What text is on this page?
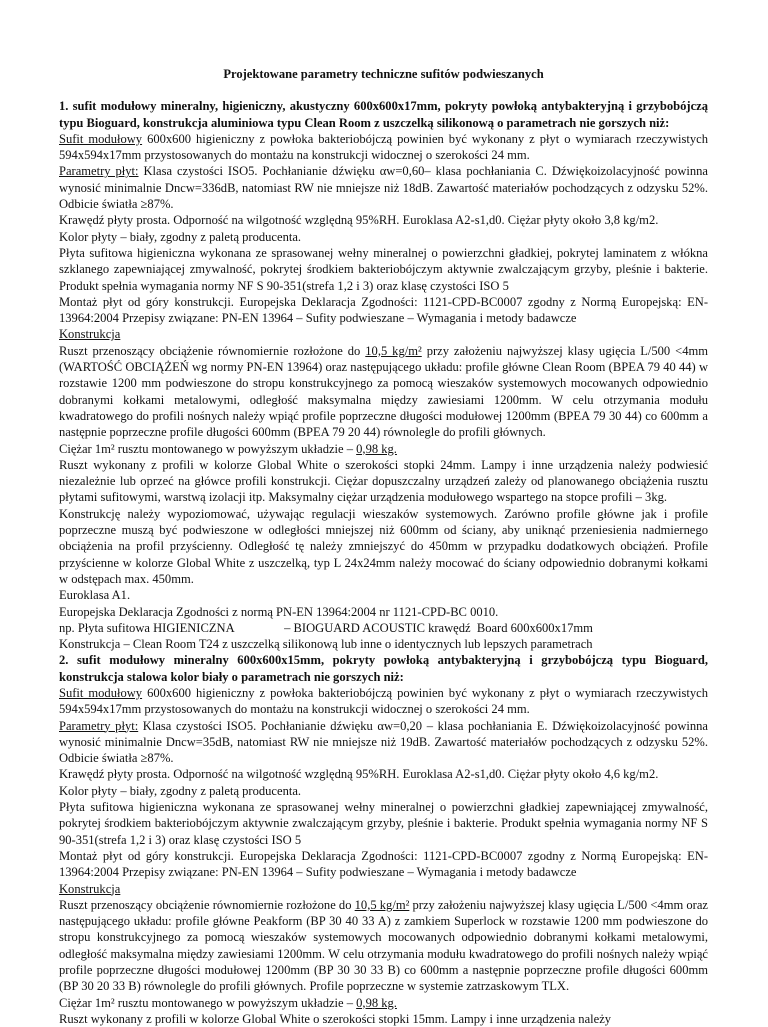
Projektowane parametry techniczne sufitów podwieszanych

1. sufit modułowy mineralny, higieniczny, akustyczny 600x600x17mm, pokryty powłoką antybakteryjną i grzybobójczą typu Bioguard, konstrukcja aluminiowa typu Clean Room z uszczelką silikonową o parametrach nie gorszych niż:

Sufit modułowy 600x600 higieniczny z powłoka bakteriobójczą powinien być wykonany z płyt o wymiarach rzeczywistych 594x594x17mm przystosowanych do montażu na konstrukcji widocznej o szerokości 24 mm.

Parametry płyt: Klasa czystości ISO5. Pochłanianie dźwięku αw=0,60– klasa pochłaniania C. Dźwiękoizolacyjność powinna wynosić minimalnie Dncw=336dB, natomiast RW nie mniejsze niż 18dB. Zawartość materiałów pochodzących z odzysku 52%. Odbicie światła ≥87%.

Krawędź płyty prosta. Odporność na wilgotność względną 95%RH. Euroklasa A2-s1,d0. Ciężar płyty około 3,8 kg/m2.

Kolor płyty – biały, zgodny z paletą producenta.

Płyta sufitowa higieniczna wykonana ze sprasowanej wełny mineralnej o powierzchni gładkiej, pokrytej laminatem z włókna szklanego zapewniającej zmywalność, pokrytej środkiem bakteriobójczym aktywnie zwalczającym grzyby, pleśnie i bakterie. Produkt spełnia wymagania normy NF S 90-351(strefa 1,2 i 3) oraz klasę czystości ISO 5

Montaż płyt od góry konstrukcji. Europejska Deklaracja Zgodności: 1121-CPD-BC0007 zgodny z Normą Europejską: EN-13964:2004 Przepisy związane: PN-EN 13964 – Sufity podwieszane – Wymagania i metody badawcze

Konstrukcja

Ruszt przenoszący obciążenie równomiernie rozłożone do 10,5 kg/m² przy założeniu najwyższej klasy ugięcia L/500 <4mm (WARTOŚĆ OBCIĄŻEŃ wg normy PN-EN 13964) oraz następującego układu: profile główne Clean Room (BPEA 79 40 44) w rozstawie 1200 mm podwieszone do stropu konstrukcyjnego za pomocą wieszaków systemowych mocowanych odpowiednio dobranymi kołkami metalowymi, odległość maksymalna między zawiesiami 1200mm. W celu otrzymania modułu kwadratowego do profili nośnych należy wpiąć profile poprzeczne długości modułowej 1200mm (BPEA 79 30 44) co 600mm a następnie poprzeczne profile długości 600mm (BPEA 79 20 44) równolegle do profili głównych.

Ciężar 1m² rusztu montowanego w powyższym układzie – 0,98 kg.

Ruszt wykonany z profili w kolorze Global White o szerokości stopki 24mm. Lampy i inne urządzenia należy podwiesić niezależnie lub oprzeć na główce profili konstrukcji. Ciężar dopuszczalny urządzeń zależy od planowanego obciążenia rusztu płytami sufitowymi, warstwą izolacji itp. Maksymalny ciężar urządzenia modułowego wspartego na stopce profili – 3kg.

Konstrukcję należy wypoziomować, używając regulacji wieszaków systemowych. Zarówno profile główne jak i profile poprzeczne muszą być podwieszone w odległości mniejszej niż 600mm od ściany, aby uniknąć przeniesienia nadmiernego obciążenia na profil przyścienny. Odległość tę należy zmniejszyć do 450mm w przypadku dodatkowych obciążeń. Profile przyścienne w kolorze Global White z uszczelką, typ L 24x24mm należy mocować do ściany odpowiednio dobranymi kołkami w odstępach max. 450mm.

Euroklasa A1.

Europejska Deklaracja Zgodności z normą PN-EN 13964:2004 nr 1121-CPD-BC 0010.

np. Płyta sufitowa HIGIENICZNA                – BIOGUARD ACOUSTIC krawędź  Board 600x600x17mm

Konstrukcja – Clean Room T24 z uszczelką silikonową lub inne o identycznych lub lepszych parametrach

2. sufit modułowy mineralny 600x600x15mm, pokryty powłoką antybakteryjną i grzybobójczą typu Bioguard, konstrukcja stalowa kolor biały o parametrach nie gorszych niż:

Sufit modułowy 600x600 higieniczny z powłoka bakteriobójczą powinien być wykonany z płyt o wymiarach rzeczywistych 594x594x17mm przystosowanych do montażu na konstrukcji widocznej o szerokości 24 mm.

Parametry płyt: Klasa czystości ISO5. Pochłanianie dźwięku αw=0,20 – klasa pochłaniania E. Dźwiękoizolacyjność powinna wynosić minimalnie Dncw=35dB, natomiast RW nie mniejsze niż 19dB. Zawartość materiałów pochodzących z odzysku 52%. Odbicie światła ≥87%.

Krawędź płyty prosta. Odporność na wilgotność względną 95%RH. Euroklasa A2-s1,d0. Ciężar płyty około 4,6 kg/m2.

Kolor płyty – biały, zgodny z paletą producenta.

Płyta sufitowa higieniczna wykonana ze sprasowanej wełny mineralnej o powierzchni gładkiej zapewniającej zmywalność, pokrytej środkiem bakteriobójczym aktywnie zwalczającym grzyby, pleśnie i bakterie. Produkt spełnia wymagania normy NF S 90-351(strefa 1,2 i 3) oraz klasę czystości ISO 5

Montaż płyt od góry konstrukcji. Europejska Deklaracja Zgodności: 1121-CPD-BC0007 zgodny z Normą Europejską: EN-13964:2004 Przepisy związane: PN-EN 13964 – Sufity podwieszane – Wymagania i metody badawcze

Konstrukcja

Ruszt przenoszący obciążenie równomiernie rozłożone do 10,5 kg/m² przy założeniu najwyższej klasy ugięcia L/500 <4mm oraz następującego układu: profile główne Peakform (BP 30 40 33 A) z zamkiem Superlock w rozstawie 1200 mm podwieszone do stropu konstrukcyjnego za pomocą wieszaków systemowych mocowanych odpowiednio dobranymi kołkami metalowymi, odległość maksymalna między zawiesiami 1200mm. W celu otrzymania modułu kwadratowego do profili nośnych należy wpiąć profile poprzeczne długości modułowej 1200mm (BP 30 30 33 B) co 600mm a następnie poprzeczne profile długości 600mm (BP 30 20 33 B) równolegle do profili głównych. Profile poprzeczne w systemie zatrzaskowym TLX.

Ciężar 1m² rusztu montowanego w powyższym układzie – 0,98 kg.

Ruszt wykonany z profili w kolorze Global White o szerokości stopki 15mm. Lampy i inne urządzenia należy
